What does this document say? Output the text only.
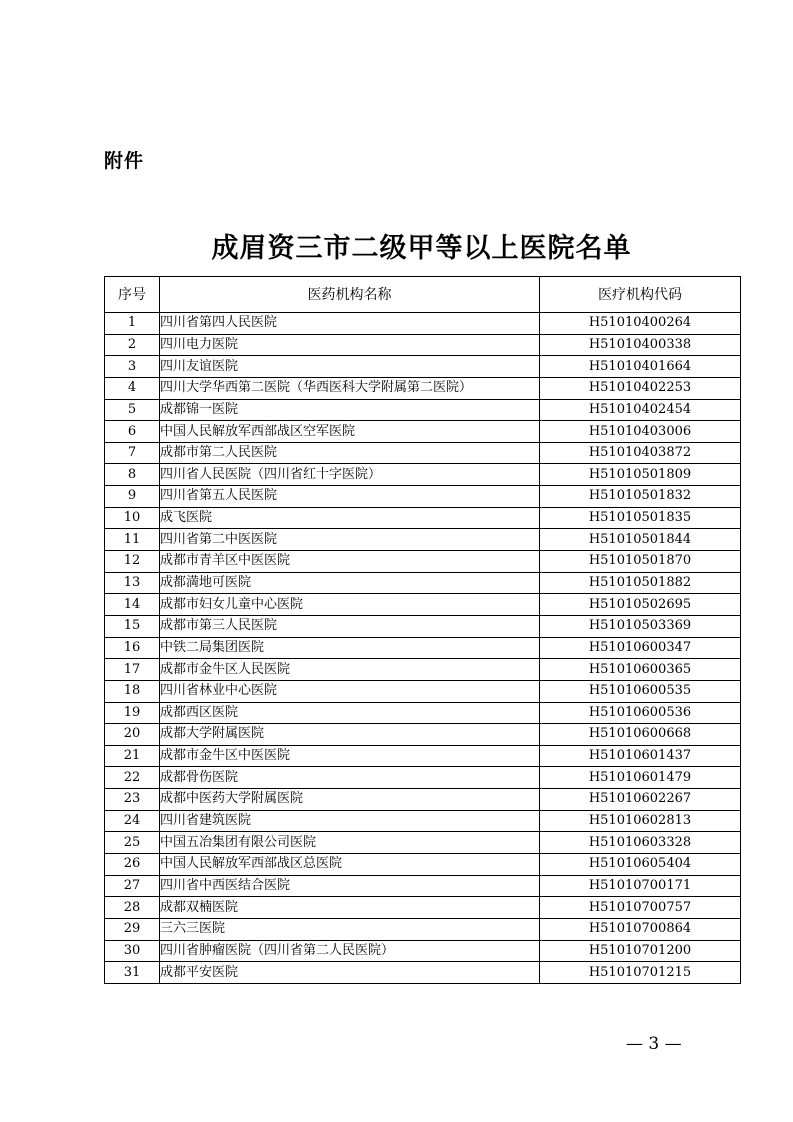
附件
成眉资三市二级甲等以上医院名单
序号	医药机构名称	医疗机构代码
1	四川省第四人民医院	H51010400264
2	四川电力医院	H51010400338
3	四川友谊医院	H51010401664
4	四川大学华西第二医院（华西医科大学附属第二医院）	H51010402253
5	成都锦一医院	H51010402454
6	中国人民解放军西部战区空军医院	H51010403006
7	成都市第二人民医院	H51010403872
8	四川省人民医院（四川省红十字医院）	H51010501809
9	四川省第五人民医院	H51010501832
10	成飞医院	H51010501835
11	四川省第二中医医院	H51010501844
12	成都市青羊区中医医院	H51010501870
13	成都満地可医院	H51010501882
14	成都市妇女儿童中心医院	H51010502695
15	成都市第三人民医院	H51010503369
16	中铁二局集团医院	H51010600347
17	成都市金牛区人民医院	H51010600365
18	四川省林业中心医院	H51010600535
19	成都西区医院	H51010600536
20	成都大学附属医院	H51010600668
21	成都市金牛区中医医院	H51010601437
22	成都骨伤医院	H51010601479
23	成都中医药大学附属医院	H51010602267
24	四川省建筑医院	H51010602813
25	中国五冶集团有限公司医院	H51010603328
26	中国人民解放军西部战区总医院	H51010605404
27	四川省中西医结合医院	H51010700171
28	成都双楠医院	H51010700757
29	三六三医院	H51010700864
30	四川省肿瘤医院（四川省第二人民医院）	H51010701200
31	成都平安医院	H51010701215
— 3 —
